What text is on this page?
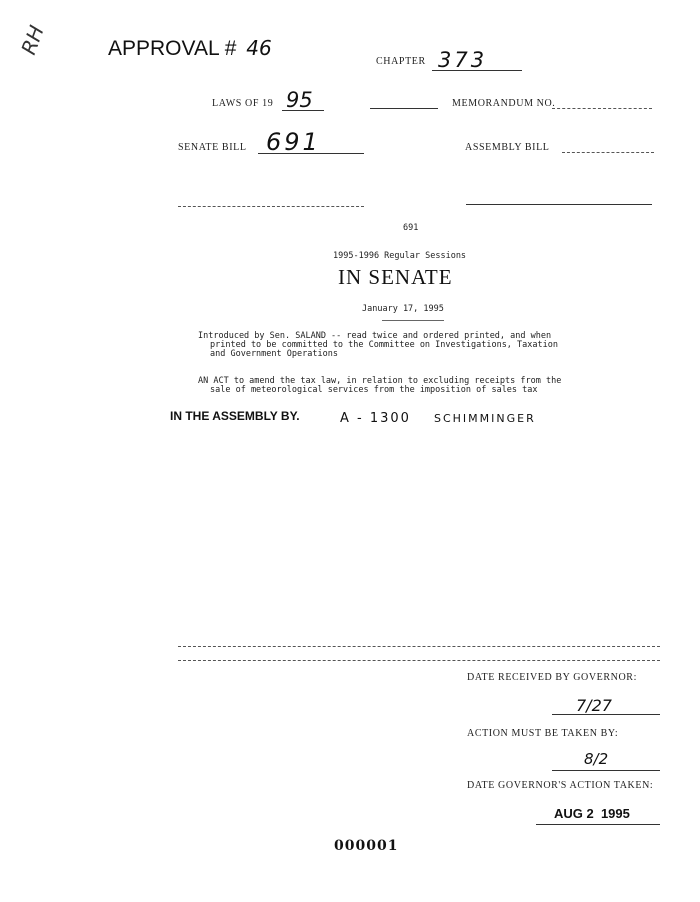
RH	APPROVAL # 46
CHAPTER 373
LAWS OF 19 95	MEMORANDUM NO.
SENATE BILL 691	ASSEMBLY BILL
691
1995-1996 Regular Sessions
IN SENATE
January 17, 1995
Introduced by Sen. SALAND -- read twice and ordered printed, and when
printed to be committed to the Committee on Investigations, Taxation
and Government Operations
AN ACT to amend the tax law, in relation to excluding receipts from the
sale of meteorological services from the imposition of sales tax
IN THE ASSEMBLY BY.	A - 1300 SCHIMMINGER
DATE RECEIVED BY GOVERNOR:
7/27
ACTION MUST BE TAKEN BY:
8/2
DATE GOVERNOR'S ACTION TAKEN:
AUG 2  1995
000001
